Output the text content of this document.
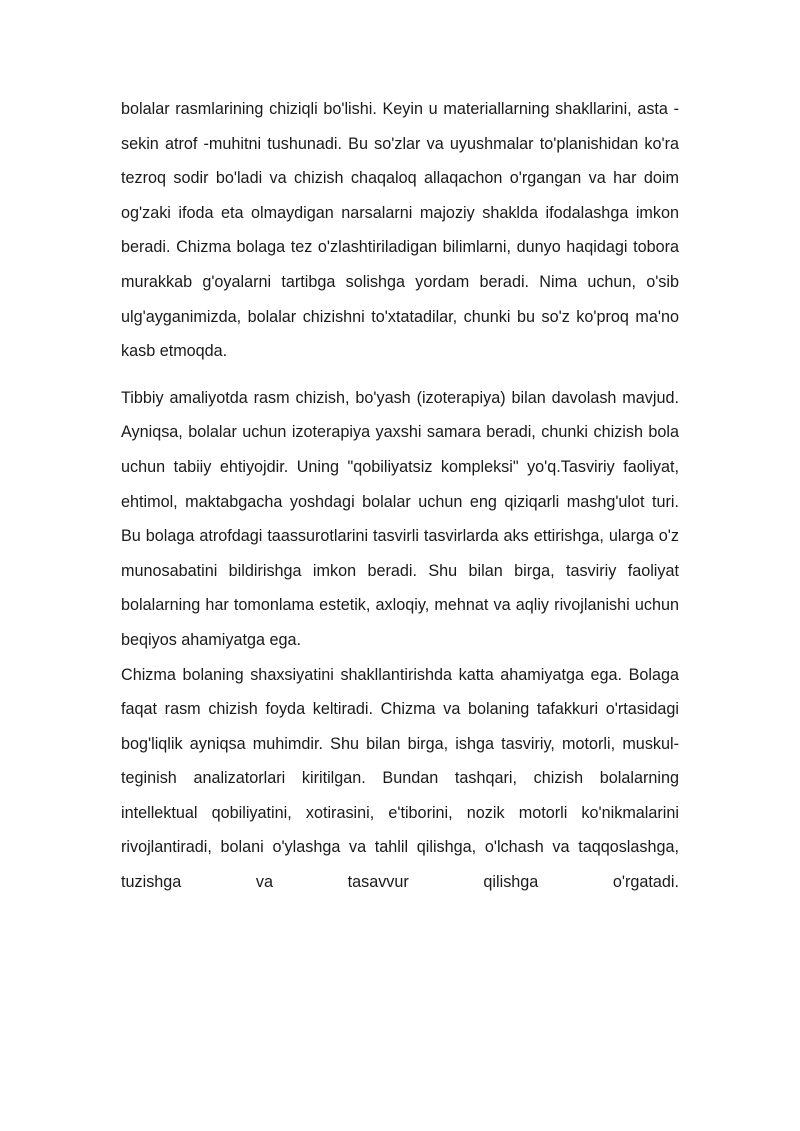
bolalar rasmlarining chiziqli bo'lishi. Keyin u materiallarning shakllarini, asta -sekin atrof -muhitni tushunadi. Bu so'zlar va uyushmalar to'planishidan ko'ra tezroq sodir bo'ladi va chizish chaqaloq allaqachon o'rgangan va har doim og'zaki ifoda eta olmaydigan narsalarni majoziy shaklda ifodalashga imkon beradi. Chizma bolaga tez o'zlashtiriladigan bilimlarni, dunyo haqidagi tobora murakkab g'oyalarni tartibga solishga yordam beradi. Nima uchun, o'sib ulg'ayganimizda, bolalar chizishni to'xtatadilar, chunki bu so'z ko'proq ma'no kasb etmoqda.

Tibbiy amaliyotda rasm chizish, bo'yash (izoterapiya) bilan davolash mavjud. Ayniqsa, bolalar uchun izoterapiya yaxshi samara beradi, chunki chizish bola uchun tabiiy ehtiyojdir. Uning "qobiliyatsiz kompleksi" yo'q.Tasviriy faoliyat, ehtimol, maktabgacha yoshdagi bolalar uchun eng qiziqarli mashg'ulot turi. Bu bolaga atrofdagi taassurotlarini tasvirli tasvirlarda aks ettirishga, ularga o'z munosabatini bildirishga imkon beradi. Shu bilan birga, tasviriy faoliyat bolalarning har tomonlama estetik, axloqiy, mehnat va aqliy rivojlanishi uchun beqiyos ahamiyatga ega.

Chizma bolaning shaxsiyatini shakllantirishda katta ahamiyatga ega. Bolaga faqat rasm chizish foyda keltiradi. Chizma va bolaning tafakkuri o'rtasidagi bog'liqlik ayniqsa muhimdir. Shu bilan birga, ishga tasviriy, motorli, muskul-teginish analizatorlari kiritilgan. Bundan tashqari, chizish bolalarning intellektual qobiliyatini, xotirasini, e'tiborini, nozik motorli ko'nikmalarini rivojlantiradi, bolani o'ylashga va tahlil qilishga, o'lchash va taqqoslashga, tuzishga va tasavvur qilishga o'rgatadi.
